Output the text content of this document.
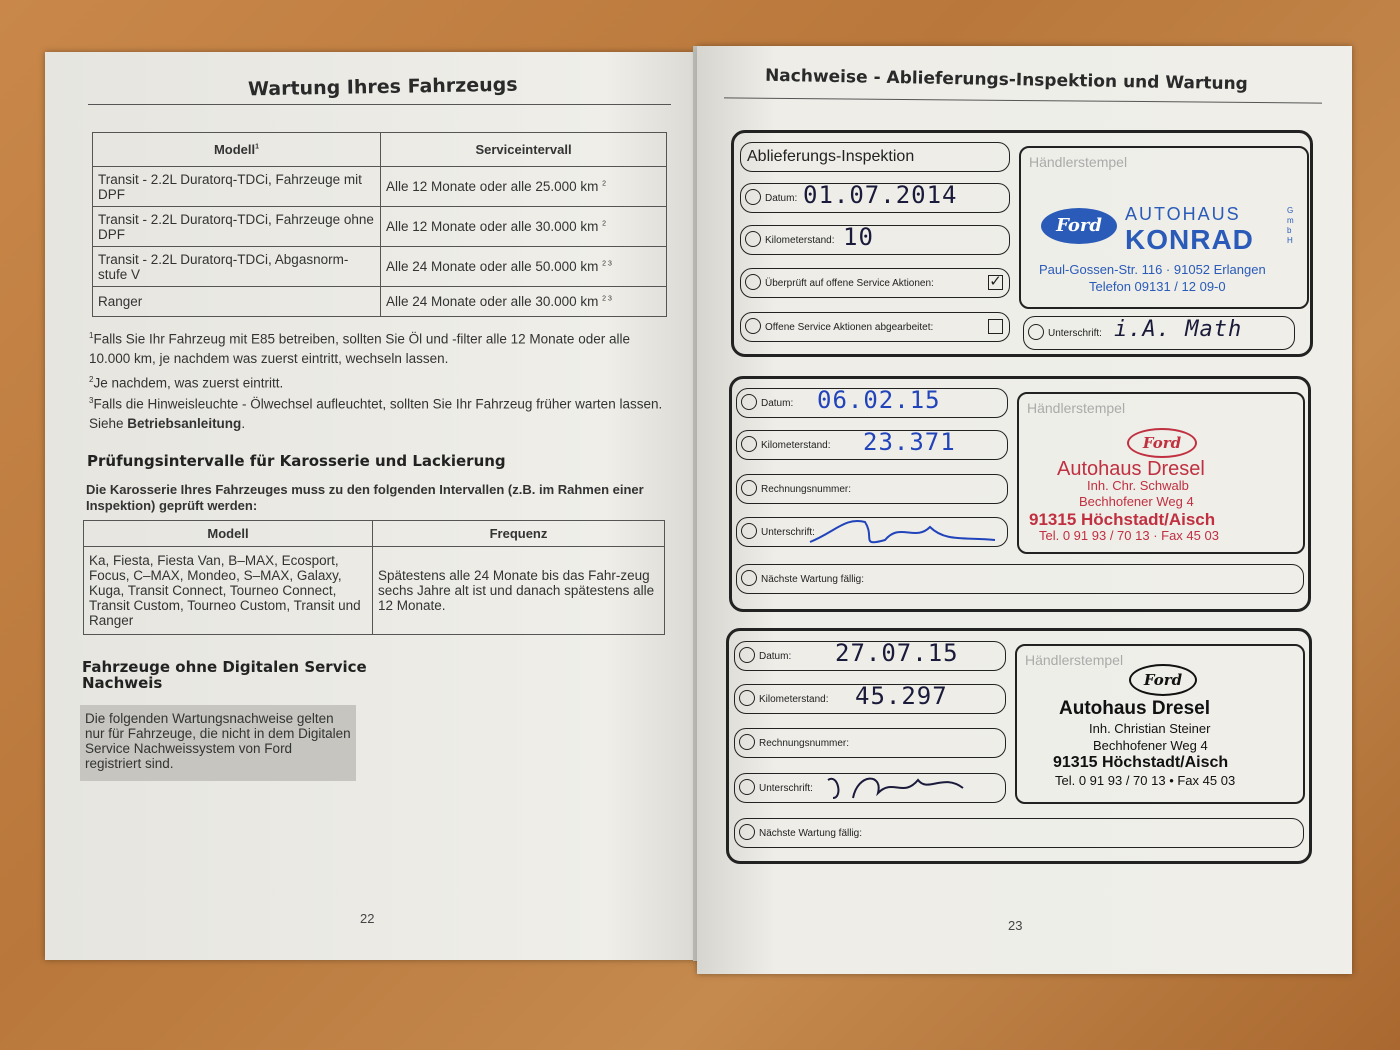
Wartung Ihres Fahrzeugs
Modell$^1$	Serviceintervall
Transit - 2.2L Duratorq-TDCi, Fahrzeuge mit DPF	Alle 12 Monate oder alle 25.000 km $^2$
Transit - 2.2L Duratorq-TDCi, Fahrzeuge ohne DPF	Alle 12 Monate oder alle 30.000 km $^2$
Transit - 2.2L Duratorq-TDCi, Abgasnorm-stufe V	Alle 24 Monate oder alle 50.000 km $^{2 3}$
Ranger	Alle 24 Monate oder alle 30.000 km $^{2 3}$
$^1$Falls Sie Ihr Fahrzeug mit E85 betreiben, sollten Sie Öl und -filter alle 12 Monate oder alle 10.000 km, je nachdem was zuerst eintritt, wechseln lassen.
$^2$Je nachdem, was zuerst eintritt.
$^3$Falls die Hinweisleuchte - Ölwechsel aufleuchtet, sollten Sie Ihr Fahrzeug früher warten lassen. Siehe Betriebsanleitung.
Prüfungsintervalle für Karosserie und Lackierung
Die Karosserie Ihres Fahrzeuges muss zu den folgenden Intervallen (z.B. im Rahmen einer Inspektion) geprüft werden:
Modell	Frequenz
Ka, Fiesta, Fiesta Van, B–MAX, Ecosport, Focus, C–MAX, Mondeo, S–MAX, Galaxy, Kuga, Transit Connect, Tourneo Connect, Transit Custom, Tourneo Custom, Transit und Ranger	Spätestens alle 24 Monate bis das Fahr-zeug sechs Jahre alt ist und danach spätestens alle 12 Monate.
Fahrzeuge ohne Digitalen Service Nachweis
Die folgenden Wartungsnachweise gelten nur für Fahrzeuge, die nicht in dem Digitalen Service Nachweissystem von Ford registriert sind.
22
Nachweise - Ablieferungs-Inspektion und Wartung
Ablieferungs-Inspektion
Datum: 01.07.2014
Kilometerstand: 10
Überprüft auf offene Service Aktionen:	✓
Offene Service Aktionen abgearbeitet:
Händlerstempel
Ford
AUTOHAUS
KONRAD
GmbH
Paul-Gossen-Str. 116 · 91052 Erlangen
Telefon 09131 / 12 09-0
Unterschrift: i.A. Math
Datum: 06.02.15
Kilometerstand: 23.371
Rechnungsnummer:
Unterschrift:
Nächste Wartung fällig:
Händlerstempel
Ford
Autohaus Dresel
Inh. Chr. Schwalb
Bechhofener Weg 4
91315 Höchstadt/Aisch
Tel. 0 91 93 / 70 13 · Fax 45 03
Datum: 27.07.15
Kilometerstand: 45.297
Rechnungsnummer:
Unterschrift:
Nächste Wartung fällig:
Händlerstempel
Ford
Autohaus Dresel
Inh. Christian Steiner
Bechhofener Weg 4
91315 Höchstadt/Aisch
Tel. 0 91 93 / 70 13 • Fax 45 03
23
